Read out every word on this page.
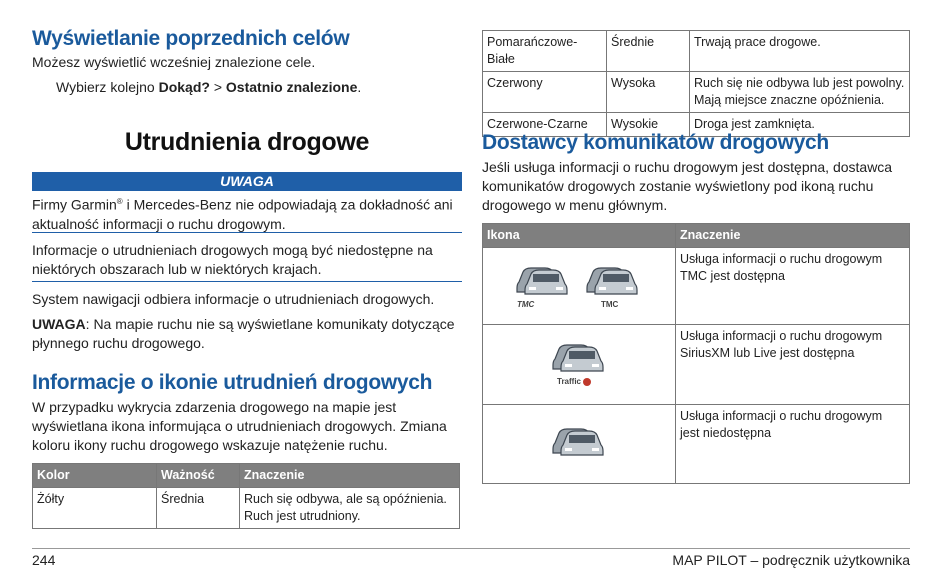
Wyświetlanie poprzednich celów

Możesz wyświetlić wcześniej znalezione cele.

Wybierz kolejno Dokąd? > Ostatnio znalezione.

Utrudnienia drogowe
UWAGA

Firmy Garmin® i Mercedes-Benz nie odpowiadają za dokładność ani aktualność informacji o ruchu drogowym.

Informacje o utrudnieniach drogowych mogą być niedostępne na niektórych obszarach lub w niektórych krajach.

System nawigacji odbiera informacje o utrudnieniach drogowych.

UWAGA: Na mapie ruchu nie są wyświetlane komunikaty dotyczące płynnego ruchu drogowego.

Informacje o ikonie utrudnień drogowych

W przypadku wykrycia zdarzenia drogowego na mapie jest wyświetlana ikona informująca o utrudnieniach drogowych. Zmiana koloru ikony ruchu drogowego wskazuje natężenie ruchu.

Kolor	Ważność	Znaczenie
Żółty	Średnia	Ruch się odbywa, ale są opóźnienia. Ruch jest utrudniony.
Pomarańczowe-Białe	Średnie	Trwają prace drogowe.
Czerwony	Wysoka	Ruch się nie odbywa lub jest powolny. Mają miejsce znaczne opóźnienia.
Czerwone-Czarne	Wysokie	Droga jest zamknięta.
Dostawcy komunikatów drogowych

Jeśli usługa informacji o ruchu drogowym jest dostępna, dostawca komunikatów drogowych zostanie wyświetlony pod ikoną ruchu drogowego w menu głównym.

Ikona	Znaczenie

TMC TMC	Usługa informacji o ruchu drogowym TMC jest dostępna

Traffic	Usługa informacji o ruchu drogowym SiriusXM lub Live jest dostępna

	Usługa informacji o ruchu drogowym jest niedostępna
244	MAP PILOT – podręcznik użytkownika
